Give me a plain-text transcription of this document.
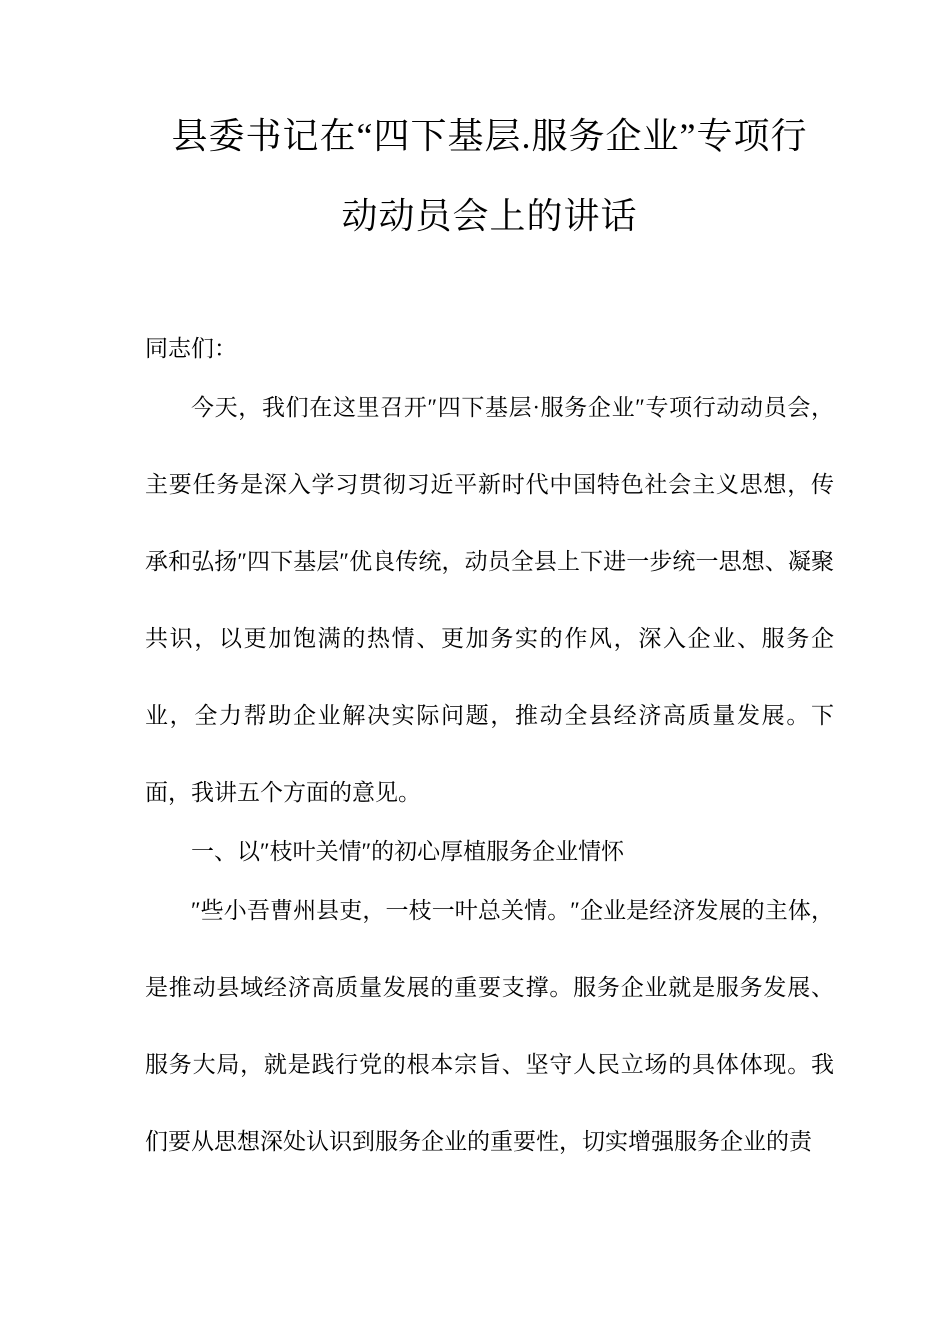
县委书记在“四下基层.服务企业”专项行
动动员会上的讲话

同志们：

今天，我们在这里召开″四下基层·服务企业″专项行动动员会，主要任务是深入学习贯彻习近平新时代中国特色社会主义思想，传承和弘扬″四下基层″优良传统，动员全县上下进一步统一思想、凝聚共识，以更加饱满的热情、更加务实的作风，深入企业、服务企业，全力帮助企业解决实际问题，推动全县经济高质量发展。下面，我讲五个方面的意见。

一、以″枝叶关情″的初心厚植服务企业情怀

″些小吾曹州县吏，一枝一叶总关情。″企业是经济发展的主体，是推动县域经济高质量发展的重要支撑。服务企业就是服务发展、服务大局，就是践行党的根本宗旨、坚守人民立场的具体体现。我们要从思想深处认识到服务企业的重要性，切实增强服务企业的责
